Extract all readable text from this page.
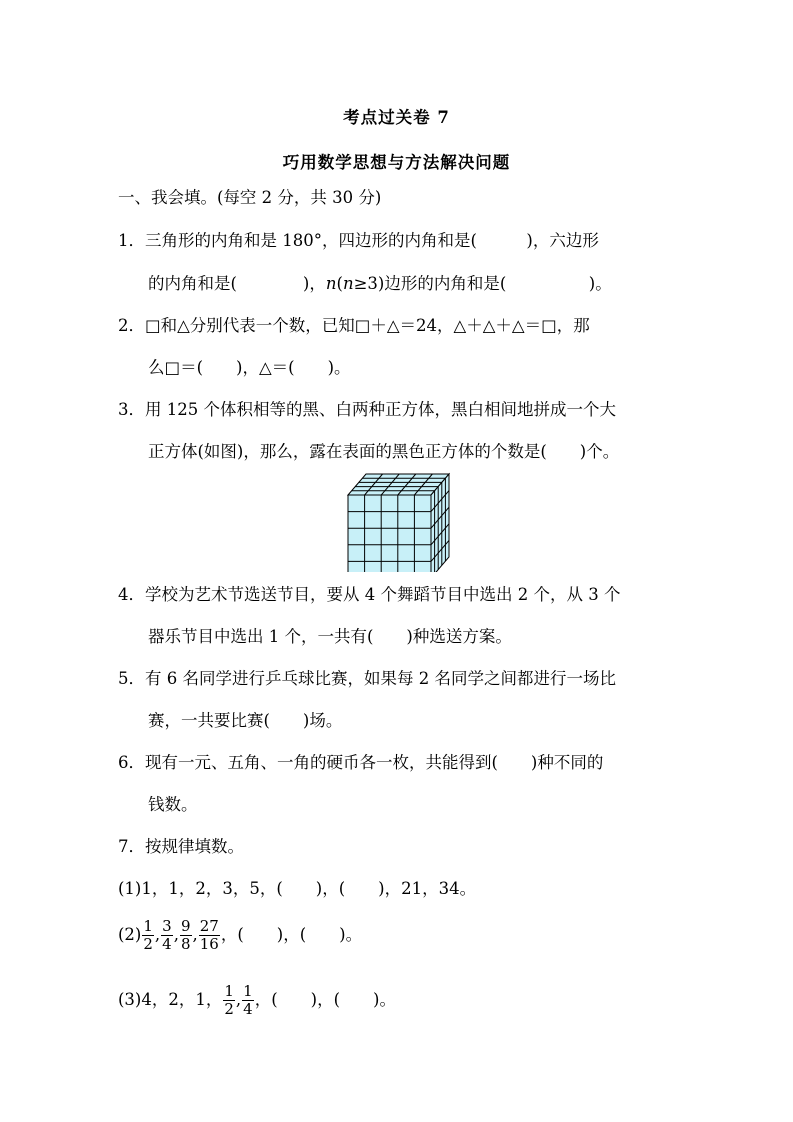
考点过关卷 7
巧用数学思想与方法解决问题
一、我会填。(每空 2 分，共 30 分)
1．三角形的内角和是 180°，四边形的内角和是(　　　)，六边形
的内角和是(　　　　)，n(n≥3)边形的内角和是(　　　　　)。
2．□和△分别代表一个数，已知□＋△＝24，△＋△＋△＝□，那
么□＝(　　)，△＝(　　)。
3．用 125 个体积相等的黑、白两种正方体，黑白相间地拼成一个大
正方体(如图)，那么，露在表面的黑色正方体的个数是(　　)个。
4．学校为艺术节选送节目，要从 4 个舞蹈节目中选出 2 个，从 3 个
器乐节目中选出 1 个，一共有(　　)种选送方案。
5．有 6 名同学进行乒乓球比赛，如果每 2 名同学之间都进行一场比
赛，一共要比赛(　　)场。
6．现有一元、五角、一角的硬币各一枚，共能得到(　　)种不同的
钱数。
7．按规律填数。
(1)1，1，2，3，5，(　　)，(　　)，21，34。
$(2) \frac{1}{2}$ , $\frac{3}{4}$ , $\frac{9}{8}$ , $\frac{27}{16}$ ，(　　)，(　　)。
(3)4，2，1， $\frac{1}{2}$ , $\frac{1}{4}$ ，(　　)，(　　)。
